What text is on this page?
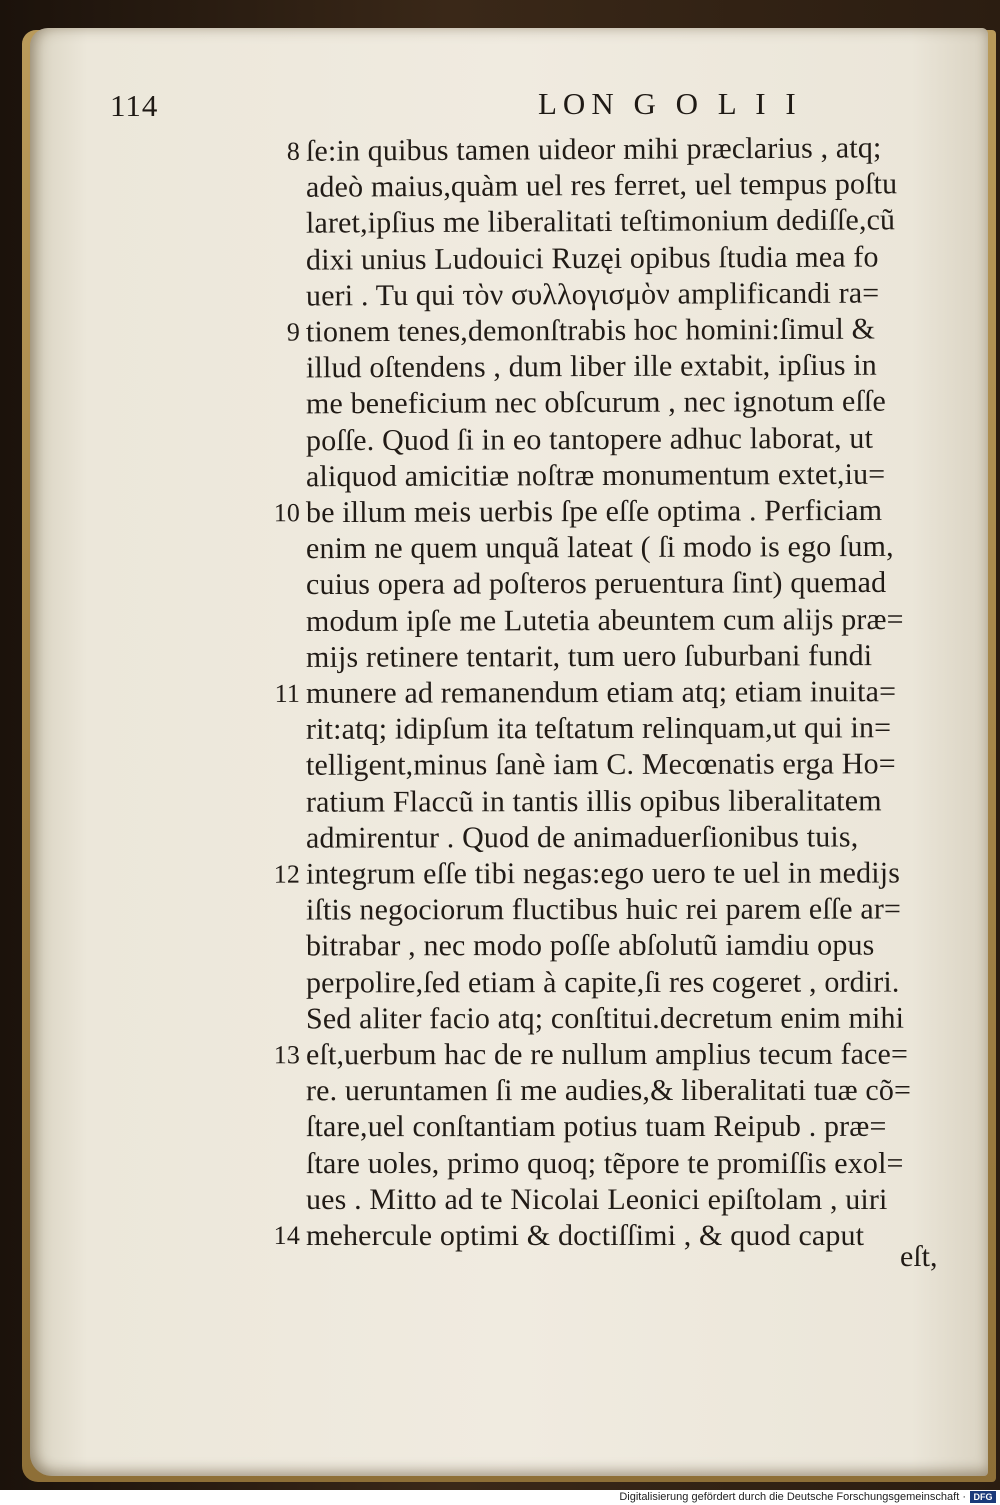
114	LON G O L I I
8 ſe:in quibus tamen uideor mihi præclarius , atq;
adeò maius,quàm uel res ferret, uel tempus poſtu
laret,ipſius me liberalitati teſtimonium dediſſe,cũ
dixi unius Ludouici Ruzęi opibus ſtudia mea fo
ueri . Tu qui τὸν συλλογισμὸν amplificandi ra=
9 tionem tenes,demonſtrabis hoc homini:ſimul &
illud oſtendens , dum liber ille extabit, ipſius in
me beneficium nec obſcurum , nec ignotum eſſe
poſſe. Quod ſi in eo tantopere adhuc laborat, ut
aliquod amicitiæ noſtræ monumentum extet,iu=
10 be illum meis uerbis ſpe eſſe optima . Perficiam
enim ne quem unquã lateat ( ſi modo is ego ſum,
cuius opera ad poſteros peruentura ſint) quemad
modum ipſe me Lutetia abeuntem cum alijs præ=
mijs retinere tentarit, tum uero ſuburbani fundi
11 munere ad remanendum etiam atq; etiam inuita=
rit:atq; idipſum ita teſtatum relinquam,ut qui in=
telligent,minus ſanè iam C. Mecœnatis erga Ho=
ratium Flaccũ in tantis illis opibus liberalitatem
admirentur . Quod de animaduerſionibus tuis,
12 integrum eſſe tibi negas:ego uero te uel in medijs
iſtis negociorum fluctibus huic rei parem eſſe ar=
bitrabar , nec modo poſſe abſolutũ iamdiu opus
perpolire,ſed etiam à capite,ſi res cogeret , ordiri.
Sed aliter facio atq; conſtitui.decretum enim mihi
13 eſt,uerbum hac de re nullum amplius tecum face=
re. ueruntamen ſi me audies,& liberalitati tuæ cõ=
ſtare,uel conſtantiam potius tuam Reipub . præ=
ſtare uoles, primo quoq; tẽpore te promiſſis exol=
ues . Mitto ad te Nicolai Leonici epiſtolam , uiri
14 mehercule optimi & doctiſſimi , & quod caput
eſt,
Digitalisierung gefördert durch die Deutsche Forschungsgemeinschaft · DFG
